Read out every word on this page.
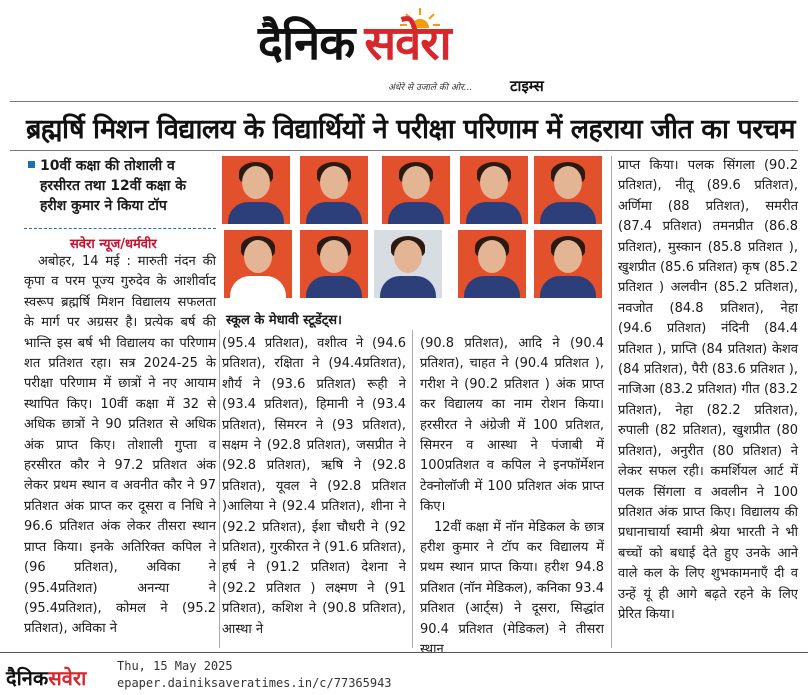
दैनिक सवेरा
अंधेरे से उजाले की ओर...	टाइम्स
ब्रह्मर्षि मिशन विद्यालय के विद्यार्थियों ने परीक्षा परिणाम में लहराया जीत का परचम
10वीं कक्षा की तोशाली व हरसीरत तथा 12वीं कक्षा के हरीश कुमार ने किया टॉप
सवेरा न्यूज/धर्मवीर

अबोहर, 14 मई : मारुती नंदन की कृपा व परम पूज्य गुरुदेव के आशीर्वाद स्वरूप ब्रह्मर्षि मिशन विद्यालय सफलता के मार्ग पर अग्रसर है। प्रत्येक बर्ष की भान्ति इस बर्ष भी विद्यालय का परिणाम शत प्रतिशत रहा। सत्र 2024-25 के परीक्षा परिणाम में छात्रों ने नए आयाम स्थापित किए। 10वीं कक्षा में 32 से अधिक छात्रों ने 90 प्रतिशत से अधिक अंक प्राप्त किए। तोशाली गुप्ता व हरसीरत कौर ने 97.2 प्रतिशत अंक लेकर प्रथम स्थान व अवनीत कौर ने 97 प्रतिशत अंक प्राप्त कर दूसरा व निधि ने 96.6 प्रतिशत अंक लेकर तीसरा स्थान प्राप्त किया। इनके अतिरिक्त कपिल ने (96 प्रतिशत), अविका ने (95.4प्रतिशत) अनन्या ने (95.4प्रतिशत), कोमल ने (95.2 प्रतिशत), अविका ने

स्कूल के मेधावी स्टूडेंट्स।

(95.4 प्रतिशत), वशीत्व ने (94.6 प्रतिशत), रक्षिता ने (94.4प्रतिशत), शौर्य ने (93.6 प्रतिशत) रूही ने (93.4 प्रतिशत), हिमानी ने (93.4 प्रतिशत), सिमरन ने (93 प्रतिशत), सक्षम ने (92.8 प्रतिशत), जसप्रीत ने (92.8 प्रतिशत), ऋषि ने (92.8 प्रतिशत), यूवल ने (92.8 प्रतिशत )आलिया ने (92.4 प्रतिशत), शीना ने (92.2 प्रतिशत), ईशा चौधरी ने (92 प्रतिशत), गुरकीरत ने (91.6 प्रतिशत), हर्ष ने (91.2 प्रतिशत) देशना ने (92.2 प्रतिशत ) लक्ष्मण ने (91 प्रतिशत), कशिश ने (90.8 प्रतिशत), आस्था ने

(90.8 प्रतिशत), आदि ने (90.4 प्रतिशत), चाहत ने (90.4 प्रतिशत ), गरीश ने (90.2 प्रतिशत ) अंक प्राप्त कर विद्यालय का नाम रोशन किया। हरसीरत ने अंग्रेजी में 100 प्रतिशत, सिमरन व आस्था ने पंजाबी में 100प्रतिशत व कपिल ने इनफॉर्मेशन टेक्नोलॉजी में 100 प्रतिशत अंक प्राप्त किए।

12वीं कक्षा में नॉन मेडिकल के छात्र हरीश कुमार ने टॉप कर विद्यालय में प्रथम स्थान प्राप्त किया। हरीश 94.8 प्रतिशत (नॉन मेडिकल), कनिका 93.4 प्रतिशत (आर्ट्स) ने दूसरा, सिद्धांत 90.4 प्रतिशत (मेडिकल) ने तीसरा स्थान

प्राप्त किया। पलक सिंगला (90.2 प्रतिशत), नीतू (89.6 प्रतिशत), अर्णिमा (88 प्रतिशत), समरीत (87.4 प्रतिशत) तमनप्रीत (86.8 प्रतिशत), मुस्कान (85.8 प्रतिशत ), खुशप्रीत (85.6 प्रतिशत) कृष (85.2 प्रतिशत ) अलवीन (85.2 प्रतिशत), नवजोत (84.8 प्रतिशत), नेहा (94.6 प्रतिशत) नंदिनी (84.4 प्रतिशत ), प्राप्ति (84 प्रतिशत) केशव (84 प्रतिशत), पैरी (83.6 प्रतिशत ), नाजिआ (83.2 प्रतिशत) गीत (83.2 प्रतिशत), नेहा (82.2 प्रतिशत), रुपाली (82 प्रतिशत), खुशप्रीत (80 प्रतिशत), अनुरीत (80 प्रतिशत) ने लेकर सफल रही। कमर्शियल आर्ट में पलक सिंगला व अवलीन ने 100 प्रतिशत अंक प्राप्त किए। विद्यालय की प्रधानाचार्या स्वामी श्रेया भारती ने भी बच्चों को बधाई देते हुए उनके आने वाले कल के लिए शुभकामनाएँ दी व उन्हें यूं ही आगे बढ़ते रहने के लिए प्रेरित किया।

दैनिकसवेरा	Thu, 15 May 2025
epaper.dainiksaveratimes.in/c/77365943
